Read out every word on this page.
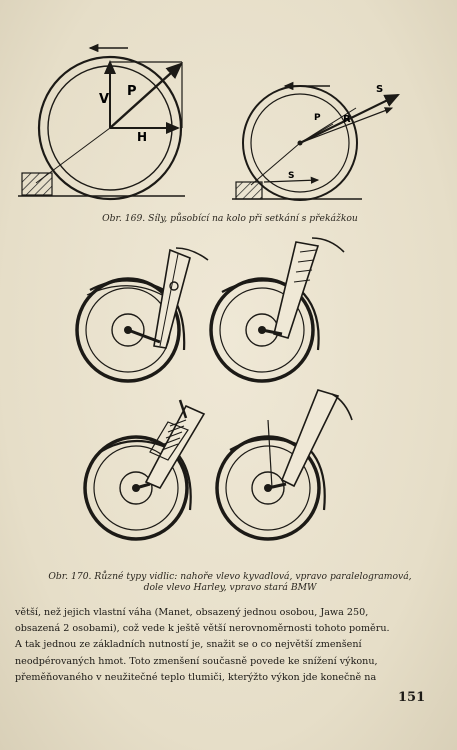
V
P
H
S
P R
S
Obr. 169. Síly, působící na kolo při setkání s překážkou
Obr. 170. Různé typy vidlic: nahoře vlevo kyvadlová, vpravo paralelogramová,
dole vlevo Harley, vpravo stará BMW

větší, než jejich vlastní váha (Manet, obsazený jednou osobou, Jawa 250,

obsazená 2 osobami), což vede k ještě větší nerovnoměrnosti tohoto poměru.

A tak jednou ze základních nutností je, snažit se o co největší zmenšení

neodpérovaných hmot. Toto zmenšení současně povede ke snížení výkonu,

přeměňovaného v neužitečné teplo tlumiči, kterýžto výkon jde konečně na

151
